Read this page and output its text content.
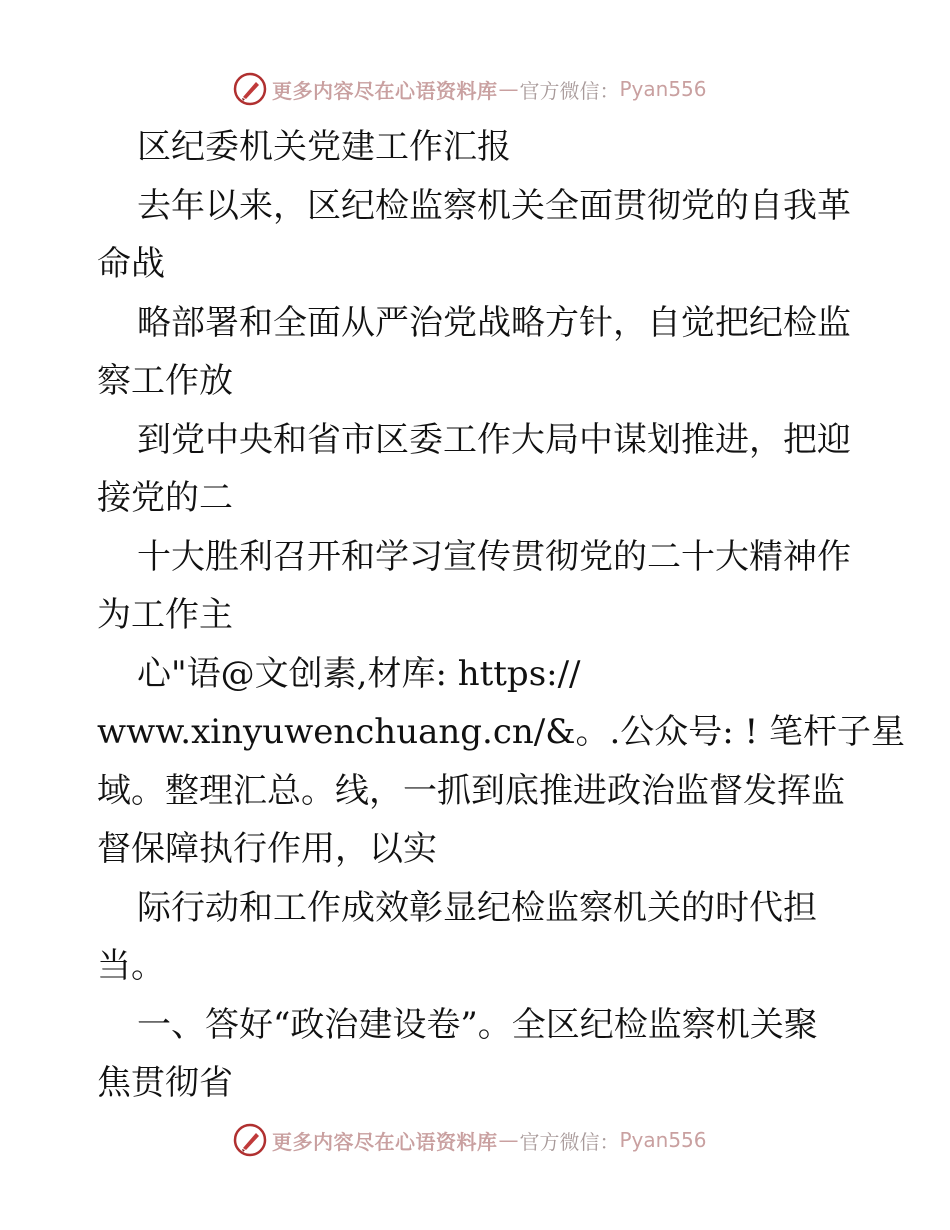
更多内容尽在心语资料库 — 官方微信： Pyan556
区纪委机关党建工作汇报
去年以来，区纪检监察机关全面贯彻党的自我革
命战
略部署和全面从严治党战略方针，自觉把纪检监
察工作放
到党中央和省市区委工作大局中谋划推进，把迎
接党的二
十大胜利召开和学习宣传贯彻党的二十大精神作
为工作主
心"语@文创素,材库: https://
www.xinyuwenchuang.cn/&。.公众号: ! 笔杆子星
域。整理汇总。线，一抓到底推进政治监督发挥监
督保障执行作用，以实
际行动和工作成效彰显纪检监察机关的时代担
当。
一、答好“政治建设卷”。全区纪检监察机关聚
焦贯彻省
更多内容尽在心语资料库 — 官方微信： Pyan556
